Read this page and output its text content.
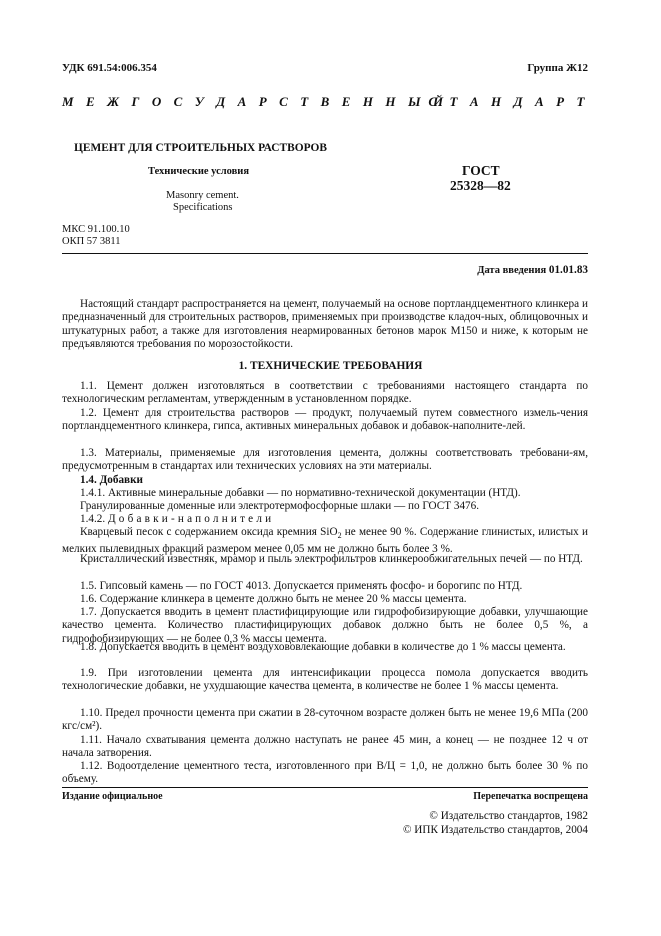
УДК 691.54:006.354	Группа Ж12
М Е Ж Г О С У Д А Р С Т В Е Н Н Ы Й
С Т А Н Д А Р Т
ЦЕМЕНТ ДЛЯ СТРОИТЕЛЬНЫХ РАСТВОРОВ
Технические условия
Masonry cement.
Specifications
ГОСТ
25328—82
МКС 91.100.10
ОКП 57 3811
Дата введения 01.01.83
Настоящий стандарт распространяется на цемент, получаемый на основе портландцементного клинкера и предназначенный для строительных растворов, применяемых при производстве кладоч-ных, облицовочных и штукатурных работ, а также для изготовления неармированных бетонов марок М150 и ниже, к которым не предъявляются требования по морозостойкости.
1. ТЕХНИЧЕСКИЕ ТРЕБОВАНИЯ
1.1. Цемент должен изготовляться в соответствии с требованиями настоящего стандарта по технологическим регламентам, утвержденным в установленном порядке.
1.2. Цемент для строительства растворов — продукт, получаемый путем совместного измель-чения портландцементного клинкера, гипса, активных минеральных добавок и добавок-наполните-лей.
1.3. Материалы, применяемые для изготовления цемента, должны соответствовать требовани-ям, предусмотренным в стандартах или технических условиях на эти материалы.
1.4. Добавки
1.4.1. Активные минеральные добавки — по нормативно-технической документации (НТД).
Гранулированные доменные или электротермофосфорные шлаки — по ГОСТ 3476.
1.4.2. Добавки-наполнители
Кварцевый песок с содержанием оксида кремния SiO$_2$ не менее 90 %. Содержание глинистых, илистых и мелких пылевидных фракций размером менее 0,05 мм не должно быть более 3 %.
Кристаллический известняк, мрамор и пыль электрофильтров клинкерообжигательных печей — по НТД.
1.5. Гипсовый камень — по ГОСТ 4013. Допускается применять фосфо- и борогипс по НТД.
1.6. Содержание клинкера в цементе должно быть не менее 20 % массы цемента.
1.7. Допускается вводить в цемент пластифицирующие или гидрофобизирующие добавки, улучшающие качество цемента. Количество пластифицирующих добавок должно быть не более 0,5 %, а гидрофобизирующих — не более 0,3 % массы цемента.
1.8. Допускается вводить в цемент воздухововлекающие добавки в количестве до 1 % массы цемента.
1.9. При изготовлении цемента для интенсификации процесса помола допускается вводить технологические добавки, не ухудшающие качества цемента, в количестве не более 1 % массы цемента.
1.10. Предел прочности цемента при сжатии в 28-суточном возрасте должен быть не менее 19,6 МПа (200 кгс/см²).
1.11. Начало схватывания цемента должно наступать не ранее 45 мин, а конец — не позднее 12 ч от начала затворения.
1.12. Водоотделение цементного теста, изготовленного при В/Ц = 1,0, не должно быть более 30 % по объему.
Издание официальное	Перепечатка воспрещена
© Издательство стандартов, 1982
© ИПК Издательство стандартов, 2004
